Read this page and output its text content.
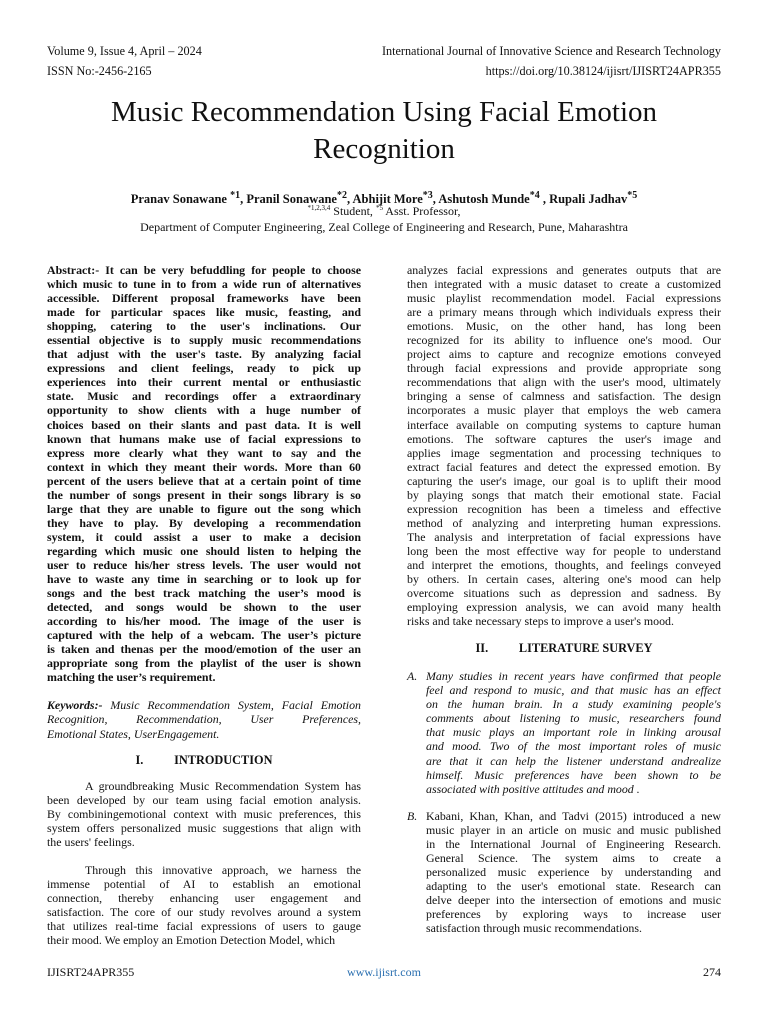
Volume 9, Issue 4, April – 2024
ISSN No:-2456-2165
International Journal of Innovative Science and Research Technology
https://doi.org/10.38124/ijisrt/IJISRT24APR355
Music Recommendation Using Facial Emotion
Recognition
Pranav Sonawane $^{*1}$, Pranil Sonawane$^{*2}$, Abhijit More$^{*3}$, Ashutosh Munde$^{*4}$ , Rupali Jadhav$^{*5}$
$^{*1,2,3,4}$ Student, $^{*5}$ Asst. Professor,
Department of Computer Engineering, Zeal College of Engineering and Research, Pune, Maharashtra
Abstract:- It can be very befuddling for people to choose
which music to tune in to from a wide run of alternatives
accessible. Different proposal frameworks have been
made for particular spaces like music, feasting, and
shopping, catering to the user's inclinations. Our
essential objective is to supply music recommendations
that adjust with the user's taste. By analyzing facial
expressions and client feelings, ready to pick up
experiences into their current mental or enthusiastic
state. Music and recordings offer a extraordinary
opportunity to show clients with a huge number of
choices based on their slants and past data. It is well
known that humans make use of facial expressions to
express more clearly what they want to say and the
context in which they meant their words. More than 60
percent of the users believe that at a certain point of time
the number of songs present in their songs library is so
large that they are unable to figure out the song which
they have to play. By developing a recommendation
system, it could assist a user to make a decision
regarding which music one should listen to helping the
user to reduce his/her stress levels. The user would not
have to waste any time in searching or to look up for
songs and the best track matching the user’s mood is
detected, and songs would be shown to the user
according to his/her mood. The image of the user is
captured with the help of a webcam. The user’s picture
is taken and thenas per the mood/emotion of the user an
appropriate song from the playlist of the user is shown
matching the user’s requirement.
Keywords:- Music Recommendation System, Facial Emotion
Recognition, Recommendation, User Preferences,
Emotional States, UserEngagement.
I.          INTRODUCTION
A groundbreaking Music Recommendation System has
been developed by our team using facial emotion analysis.
By combiningemotional context with music preferences, this
system offers personalized music suggestions that align with
the users' feelings.
Through this innovative approach, we harness the
immense potential of AI to establish an emotional
connection, thereby enhancing user engagement and
satisfaction. The core of our study revolves around a system
that utilizes real-time facial expressions of users to gauge
their mood. We employ an Emotion Detection Model, which
analyzes facial expressions and generates outputs that are
then integrated with a music dataset to create a customized
music playlist recommendation model. Facial expressions
are a primary means through which individuals express their
emotions. Music, on the other hand, has long been
recognized for its ability to influence one's mood. Our
project aims to capture and recognize emotions conveyed
through facial expressions and provide appropriate song
recommendations that align with the user's mood, ultimately
bringing a sense of calmness and satisfaction. The design
incorporates a music player that employs the web camera
interface available on computing systems to capture human
emotions. The software captures the user's image and
applies image segmentation and processing techniques to
extract facial features and detect the expressed emotion. By
capturing the user's image, our goal is to uplift their mood
by playing songs that match their emotional state. Facial
expression recognition has been a timeless and effective
method of analyzing and interpreting human expressions.
The analysis and interpretation of facial expressions have
long been the most effective way for people to understand
and interpret the emotions, thoughts, and feelings conveyed
by others. In certain cases, altering one's mood can help
overcome situations such as depression and sadness. By
employing expression analysis, we can avoid many health
risks and take necessary steps to improve a user's mood.
II.          LITERATURE SURVEY
A. Many studies in recent years have confirmed that people
feel and respond to music, and that music has an effect
on the human brain. In a study examining people's
comments about listening to music, researchers found
that music plays an important role in linking arousal
and mood. Two of the most important roles of music
are that it can help the listener understand andrealize
himself. Music preferences have been shown to be
associated with positive attitudes and mood .
B. Kabani, Khan, Khan, and Tadvi (2015) introduced a new
music player in an article on music and music published
in the International Journal of Engineering Research.
General Science. The system aims to create a
personalized music experience by understanding and
adapting to the user's emotional state. Research can
delve deeper into the intersection of emotions and music
preferences by exploring ways to increase user
satisfaction through music recommendations.
IJISRT24APR355	www.ijisrt.com	274
